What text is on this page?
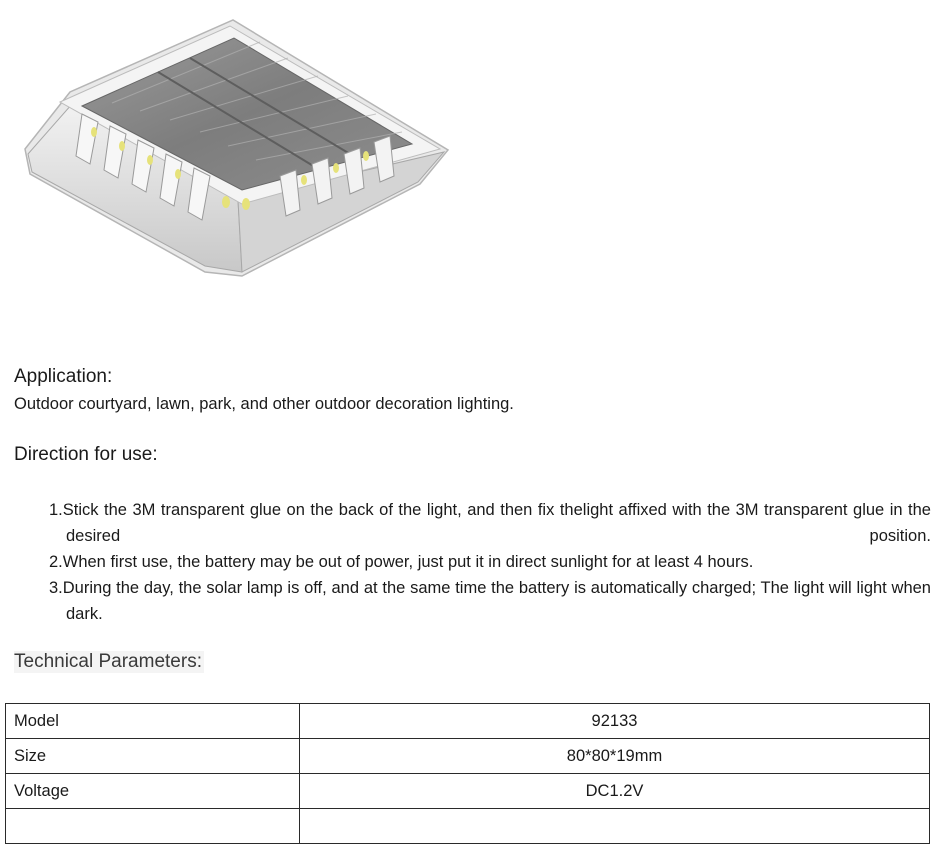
Application:
Outdoor courtyard, lawn, park, and other outdoor decoration lighting.
Direction for use:
1.Stick the 3M transparent glue on the back of the light, and then fix thelight affixed with the 3M transparent glue in the desired position.
2.When first use, the battery may be out of power, just put it in direct sunlight for at least 4 hours.
3.During the day, the solar lamp is off, and at the same time the battery is automatically charged; The light will light when dark.
Technical Parameters:
Model	92133
Size	80*80*19mm
Voltage	DC1.2V
